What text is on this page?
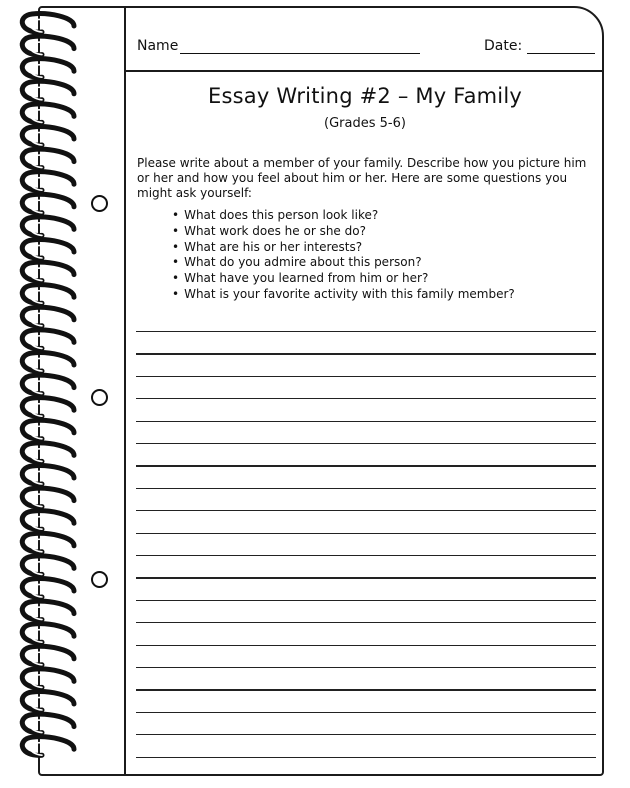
Name	Date:
Essay Writing #2 – My Family
(Grades 5-6)
Please write about a member of your family. Describe how you picture him or her and how you feel about him or her. Here are some questions you might ask yourself:
• What does this person look like?
• What work does he or she do?
• What are his or her interests?
• What do you admire about this person?
• What have you learned from him or her?
• What is your favorite activity with this family member?
